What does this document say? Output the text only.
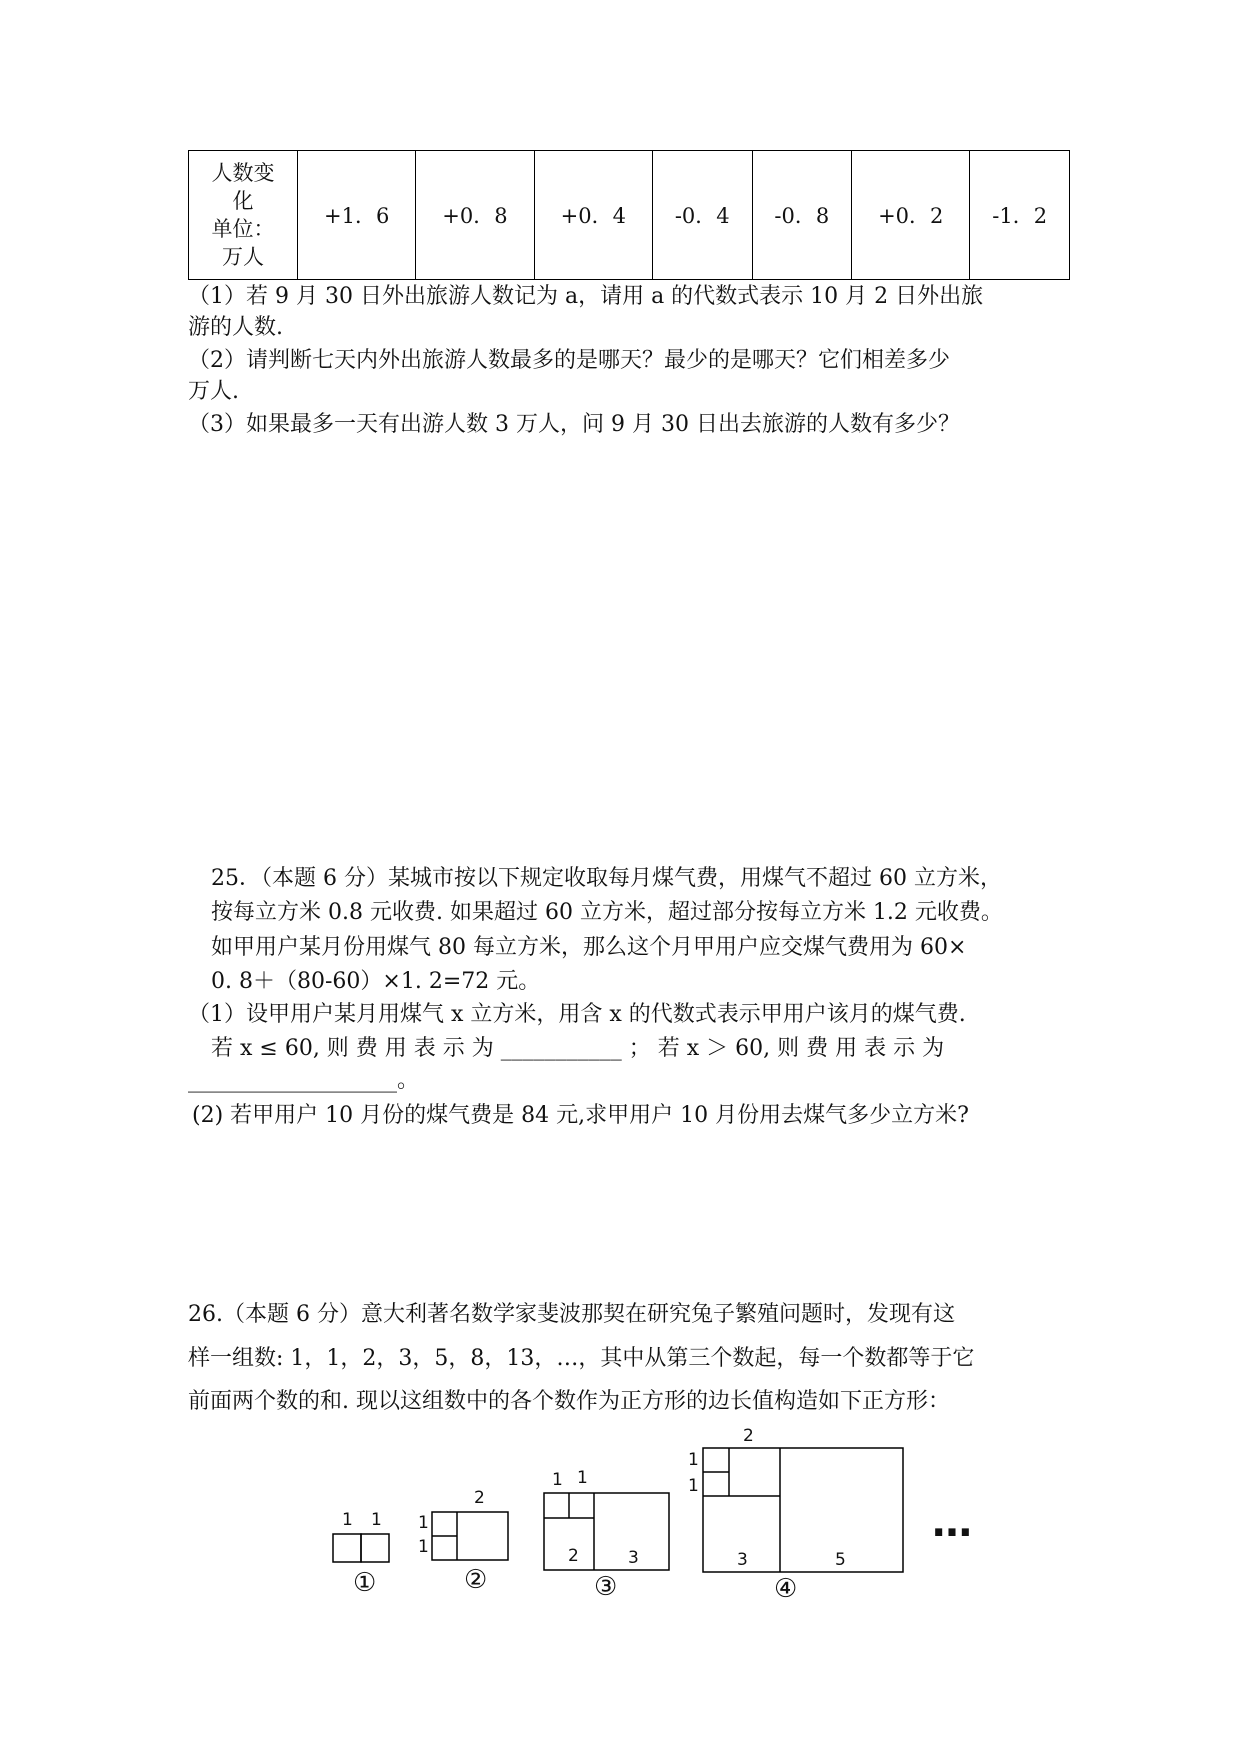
人数变
化
单位：
万人
	+1．6	+0．8	+0．4	-0．4	-0．8	+0．2	-1．2
（1）若 9 月 30 日外出旅游人数记为 a，请用 a 的代数式表示 10 月 2 日外出旅
游的人数.
（2）请判断七天内外出旅游人数最多的是哪天？最少的是哪天？它们相差多少
万人.
（3）如果最多一天有出游人数 3 万人，问 9 月 30 日出去旅游的人数有多少？
25．（本题 6 分）某城市按以下规定收取每月煤气费，用煤气不超过 60 立方米，
按每立方米 0.8 元收费. 如果超过 60 立方米，超过部分按每立方米 1.2 元收费。
如甲用户某月份用煤气 80 每立方米，那么这个月甲用户应交煤气费用为 60×
0. 8＋（80-60）×1. 2=72 元。
（1）设甲用户某月用煤气 x 立方米，用含 x 的代数式表示甲用户该月的煤气费.
若 x ≤ 60, 则 费 用 表 示 为 ___________ ； 若 x ＞ 60, 则 费 用 表 示 为
___________________。
(2) 若甲用户 10 月份的煤气费是 84 元,求甲用户 10 月份用去煤气多少立方米?
26.（本题 6 分）意大利著名数学家斐波那契在研究兔子繁殖问题时，发现有这
样一组数: 1，1，2，3，5，8，13，…，其中从第三个数起，每一个数都等于它
前面两个数的和. 现以这组数中的各个数作为正方形的边长值构造如下正方形：
1 1
①
1
1
2
②
1 1
2	3
③
1
1
2
3	5
④
…
